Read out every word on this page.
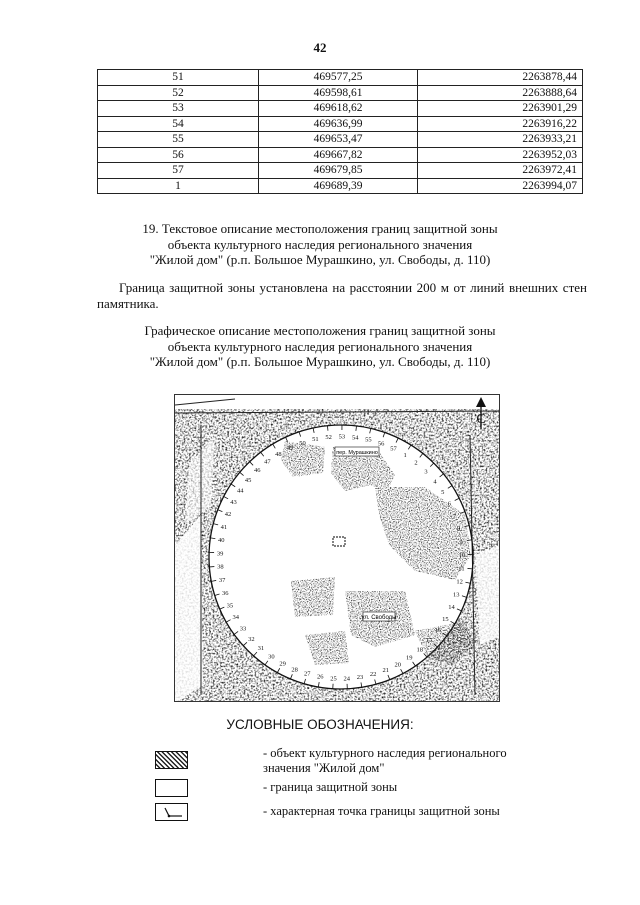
42
51	469577,25	2263878,44
52	469598,61	2263888,64
53	469618,62	2263901,29
54	469636,99	2263916,22
55	469653,47	2263933,21
56	469667,82	2263952,03
57	469679,85	2263972,41
1	469689,39	2263994,07
19. Текстовое описание местоположения границ защитной зоны
объекта культурного наследия регионального значения
"Жилой дом" (р.п. Большое Мурашкино, ул. Свободы, д. 110)
Граница защитной зоны установлена на расстоянии 200 м от линий внешних стен памятника.
Графическое описание местоположения границ защитной зоны
объекта культурного наследия регионального значения
"Жилой дом" (р.п. Большое Мурашкино, ул. Свободы, д. 110)
1
2
3
4
5
6
7
8
9
10
11
12
13
14
15
16
17
18
19
20
21
22
23
24
25
26
27
28
29
30
31
32
33
34
35
36
37
38
39
40
41
42
43
44
45
46
47
48
49
50
51 52 53 54 55
56
57
пер. Мурашкино
ул. Свободы
С
УСЛОВНЫЕ ОБОЗНАЧЕНИЯ:
- объект культурного наследия регионального
значения "Жилой дом"
- граница защитной зоны
- характерная точка границы защитной зоны
